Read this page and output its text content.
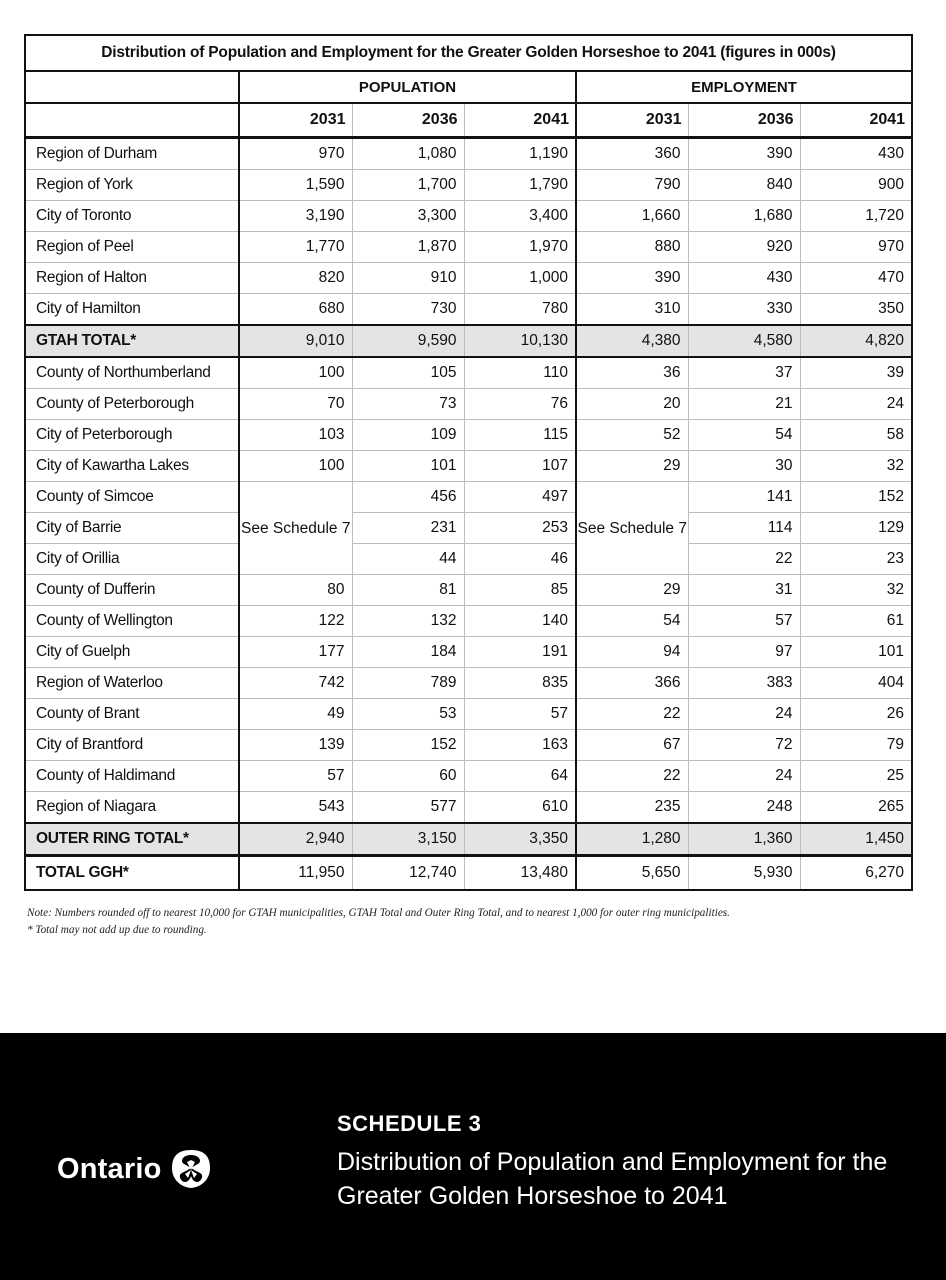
Distribution of Population and Employment for the Greater Golden Horseshoe to 2041 (figures in 000s)						
	POPULATION			EMPLOYMENT		
	2031	2036	2041	2031	2036	2041
Region of Durham	970	1,080	1,190	360	390	430
Region of York	1,590	1,700	1,790	790	840	900
City of Toronto	3,190	3,300	3,400	1,660	1,680	1,720
Region of Peel	1,770	1,870	1,970	880	920	970
Region of Halton	820	910	1,000	390	430	470
City of Hamilton	680	730	780	310	330	350
GTAH TOTAL*	9,010	9,590	10,130	4,380	4,580	4,820
County of Northumberland	100	105	110	36	37	39
County of Peterborough	70	73	76	20	21	24
City of Peterborough	103	109	115	52	54	58
City of Kawartha Lakes	100	101	107	29	30	32
County of Simcoe	See Schedule 7	456	497	See Schedule 7	141	152
City of Barrie		231	253		114	129
City of Orillia		44	46		22	23
County of Dufferin	80	81	85	29	31	32
County of Wellington	122	132	140	54	57	61
City of Guelph	177	184	191	94	97	101
Region of Waterloo	742	789	835	366	383	404
County of Brant	49	53	57	22	24	26
City of Brantford	139	152	163	67	72	79
County of Haldimand	57	60	64	22	24	25
Region of Niagara	543	577	610	235	248	265
OUTER RING TOTAL*	2,940	3,150	3,350	1,280	1,360	1,450
TOTAL GGH*	11,950	12,740	13,480	5,650	5,930	6,270
Note: Numbers rounded off to nearest 10,000 for GTAH municipalities, GTAH Total and Outer Ring Total, and to nearest 1,000 for outer ring municipalities.
* Total may not add up due to rounding.
Ontario
SCHEDULE 3
Distribution of Population and Employment for the Greater Golden Horseshoe to 2041
